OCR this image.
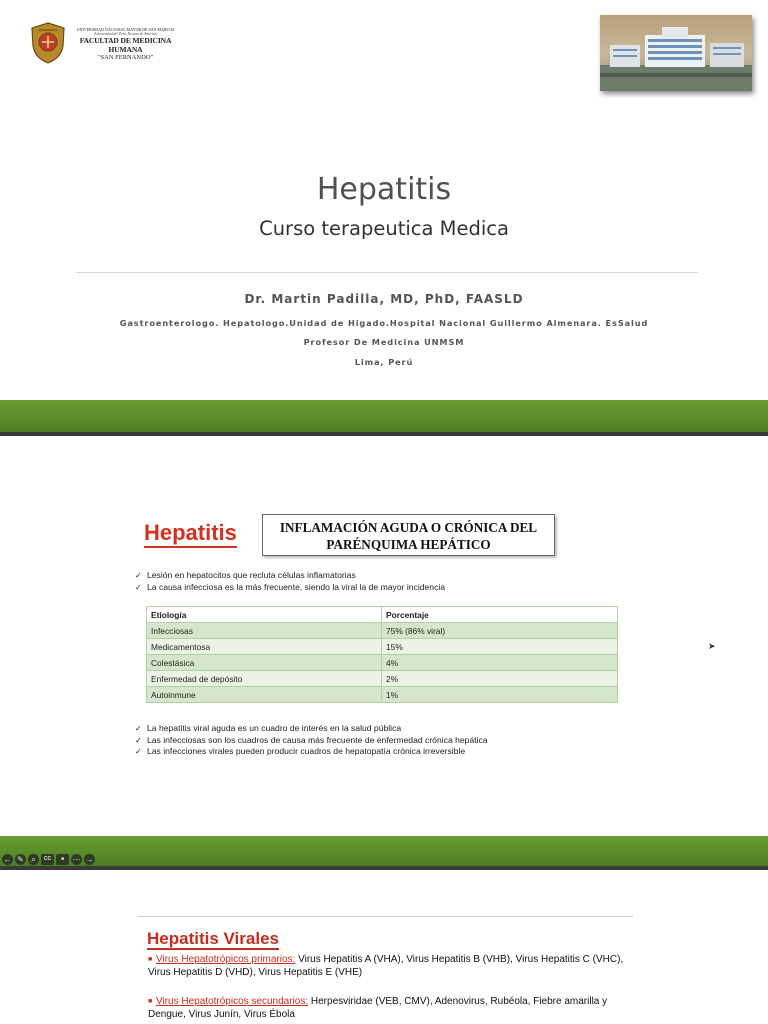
UNIVERSIDAD NACIONAL MAYOR DE SAN MARCOS
(Universidad del Perú, Decana de América)
FACULTAD DE MEDICINA HUMANA
"SAN FERNANDO"
Hepatitis
Curso terapeutica Medica
Dr. Martin Padilla, MD, PhD, FAASLD
Gastroenterologo. Hepatologo.Unidad de Higado.Hospital Nacional Guillermo Almenara. EsSalud
Profesor De Medicina UNMSM
Lima, Perú
Hepatitis	INFLAMACIÓN AGUDA O CRÓNICA DEL
PARÉNQUIMA HEPÁTICO
✓ Lesión en hepatocitos que recluta células inflamatorias
✓ La causa infecciosa es la más frecuente, siendo la viral la de mayor incidencia
Etiología	Porcentaje
Infecciosas	75% (86% viral)
Medicamentosa	15%
Colestásica	4%
Enfermedad de depósito	2%
Autoinmune	1%
✓ La hepatitis viral aguda es un cuadro de interés en la salud pública
✓ Las infecciosas son los cuadros de causa más frecuente de enfermedad crónica hepática
✓ Las infecciones virales pueden producir cuadros de hepatopatía crónica irreversible
➤
← ✎ ⌕	CC	■	⋯ →
Hepatitis Virales
■ Virus Hepatotrópicos primarios: Virus Hepatitis A (VHA), Virus Hepatitis B (VHB), Virus Hepatitis C (VHC), Virus Hepatitis D (VHD), Virus Hepatitis E (VHE)
■ Virus Hepatotrópicos secundarios: Herpesviridae (VEB, CMV), Adenovirus, Rubéola, Fiebre amarilla y Dengue, Virus Junín, Virus Ébola
